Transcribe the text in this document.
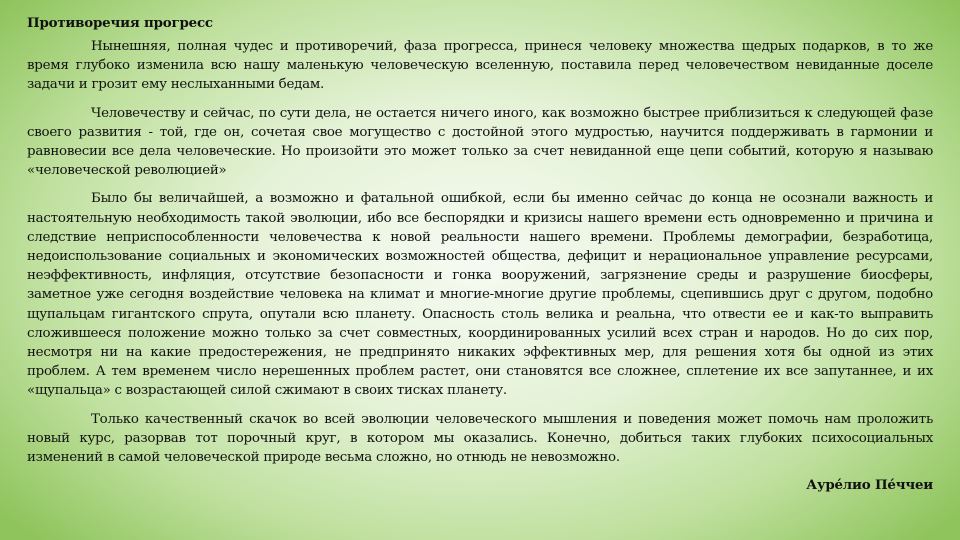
Противоречия прогресс

Нынешняя, полная чудес и противоречий, фаза прогресса, принеся человеку множества щедрых подарков, в то же время глубоко изменила всю нашу маленькую человеческую вселенную, поставила перед человечеством невиданные доселе задачи и грозит ему неслыханными бедам.

Человечеству и сейчас, по сути дела, не остается ничего иного, как возможно быстрее приблизиться к следующей фазе своего развития - той, где он, сочетая свое могущество с достойной этого мудростью, научится поддерживать в гармонии и равновесии все дела человеческие. Но произойти это может только за счет невиданной еще цепи событий, которую я называю «человеческой революцией»

Было бы величайшей, а возможно и фатальной ошибкой, если бы именно сейчас до конца не осознали важность и настоятельную необходимость такой эволюции, ибо все беспорядки и кризисы нашего времени есть одновременно и причина и следствие неприспособленности человечества к новой реальности нашего времени. Проблемы демографии, безработица, недоиспользование социальных и экономических возможностей общества, дефицит и нерациональное управление ресурсами, неэффективность, инфляция, отсутствие безопасности и гонка вооружений, загрязнение среды и разрушение биосферы, заметное уже сегодня воздействие человека на климат и многие-многие другие проблемы, сцепившись друг с другом, подобно щупальцам гигантского спрута, опутали всю планету. Опасность столь велика и реальна, что отвести ее и как-то выправить сложившееся положение можно только за счет совместных, координированных усилий всех стран и народов. Но до сих пор, несмотря ни на какие предостережения, не предпринято никаких эффективных мер, для решения хотя бы одной из этих проблем. А тем временем число нерешенных проблем растет, они становятся все сложнее, сплетение их все запутаннее, и их «щупальца» с возрастающей силой сжимают в своих тисках планету.

Только качественный скачок во всей эволюции человеческого мышления и поведения может помочь нам проложить новый курс, разорвав тот порочный круг, в котором мы оказались. Конечно, добиться таких глубоких психосоциальных изменений в самой человеческой природе весьма сложно, но отнюдь не невозможно.

Ауре́лио Пе́ччеи
